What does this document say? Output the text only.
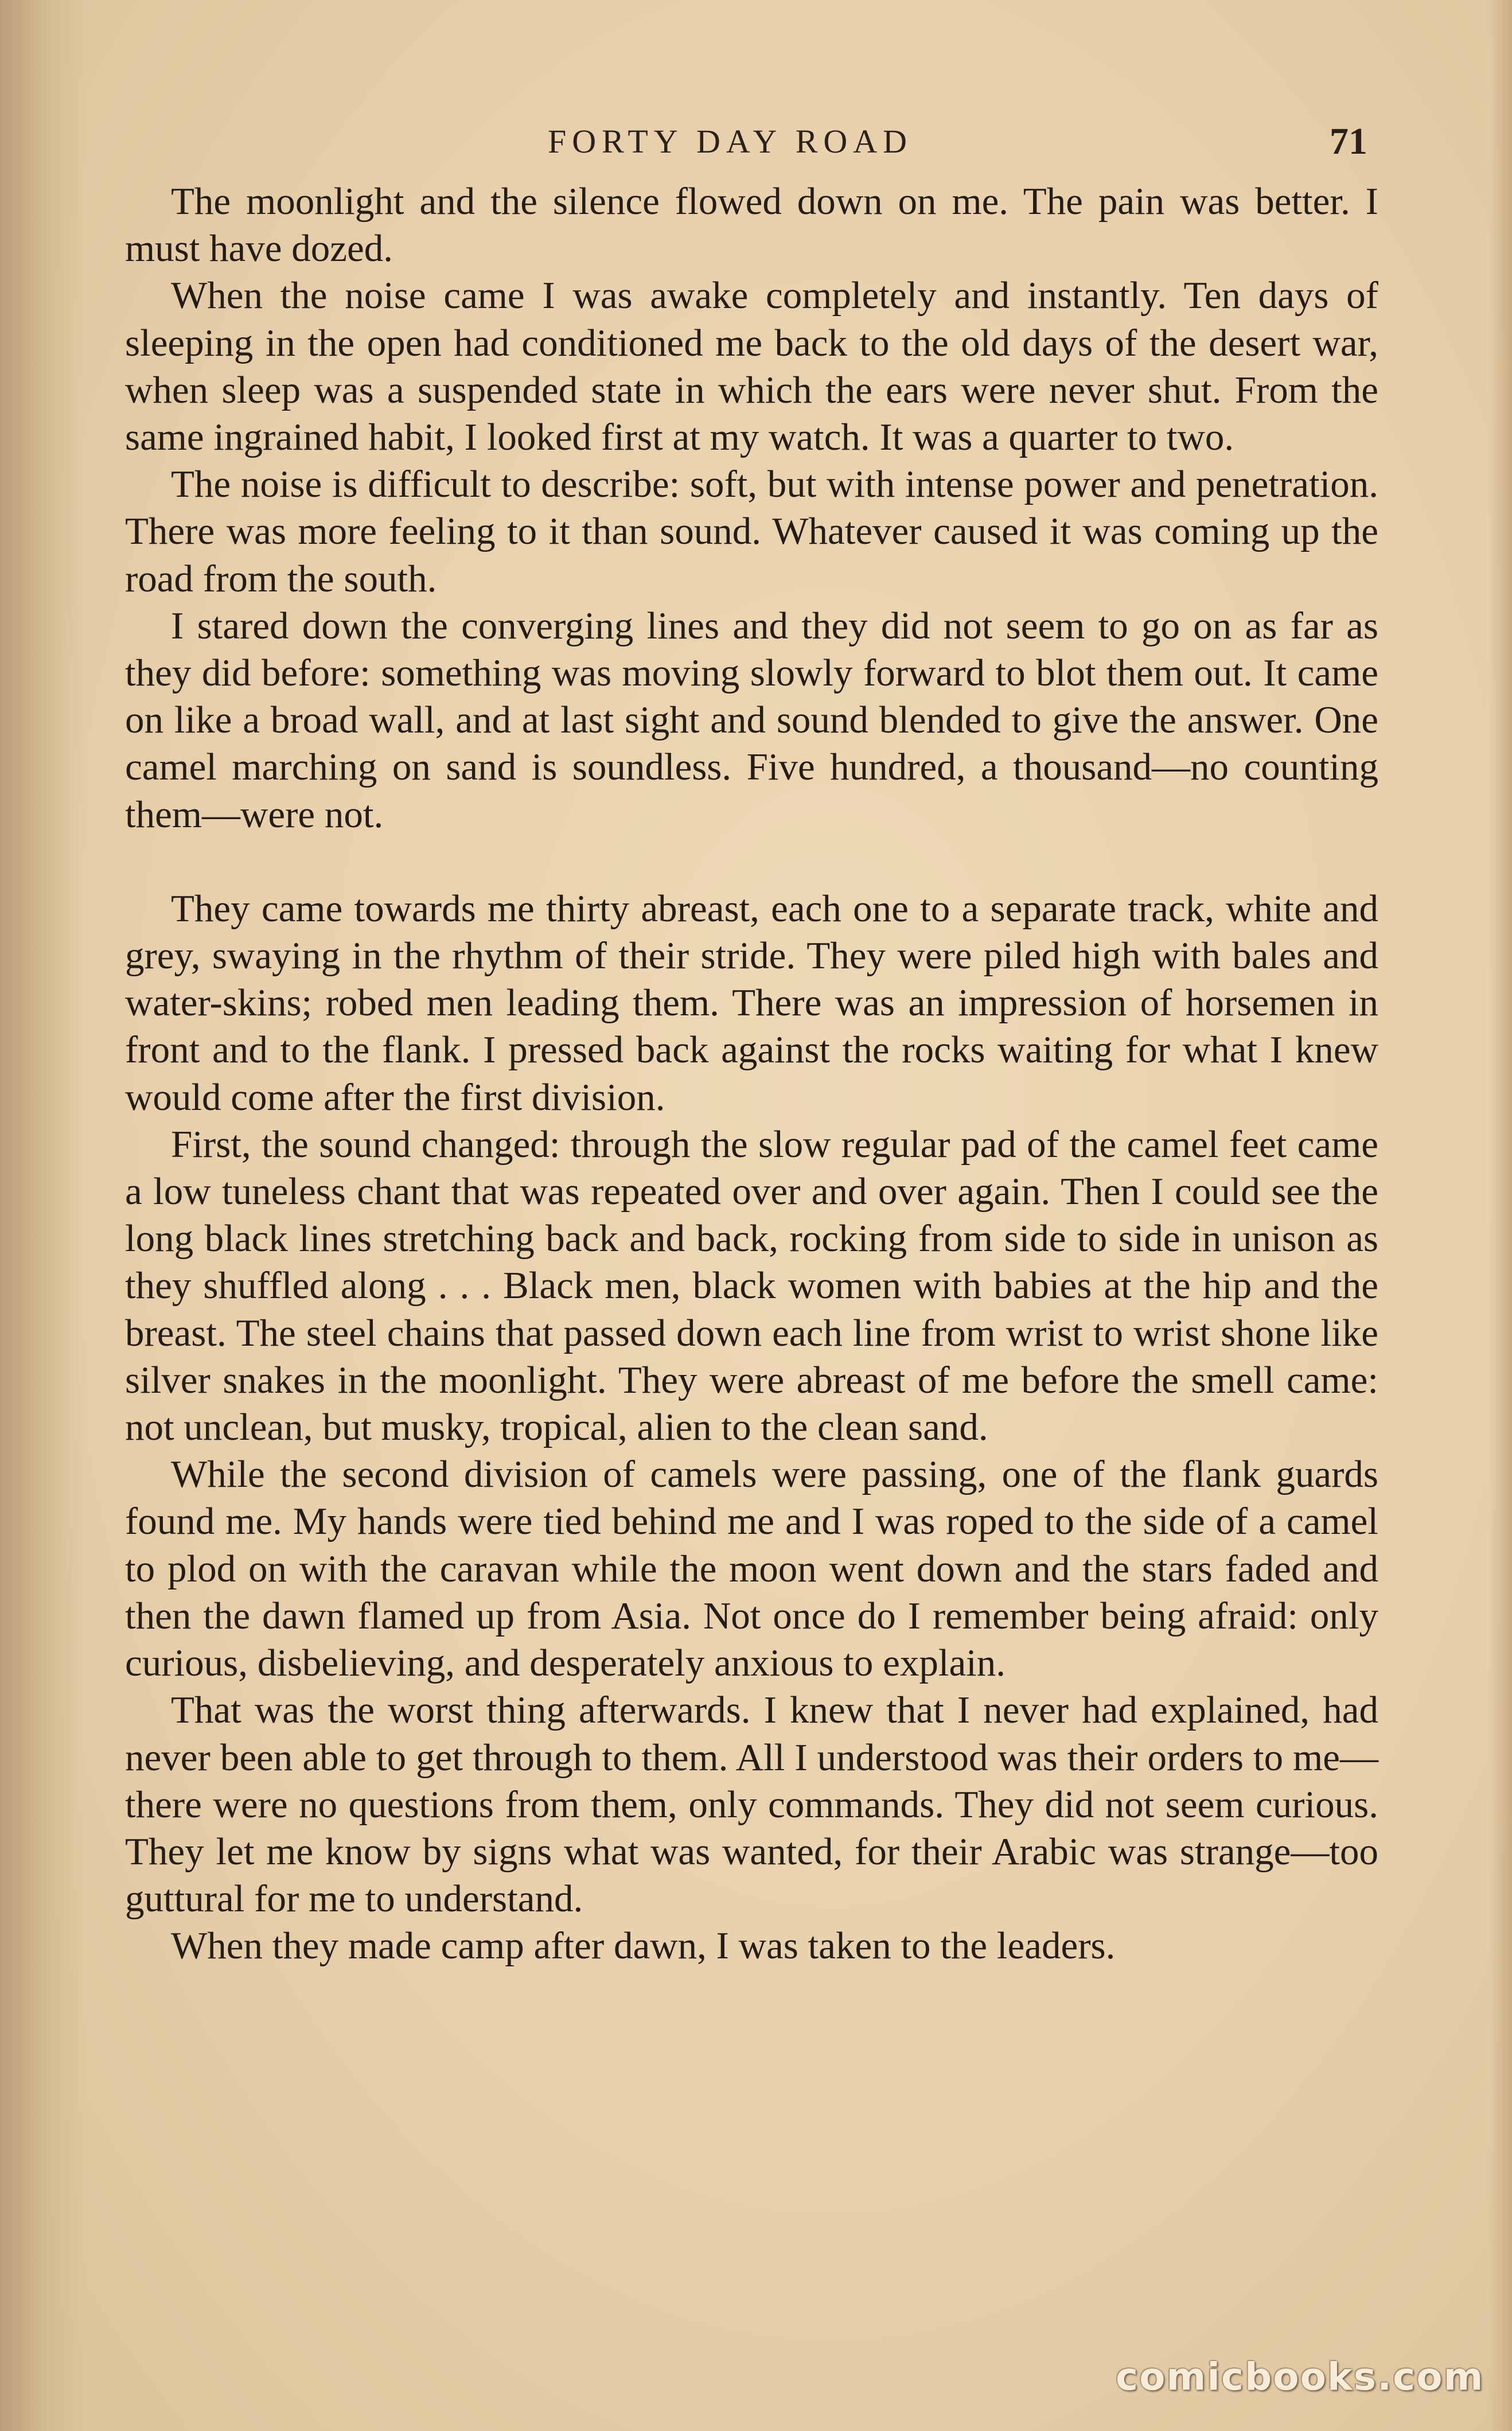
FORTY DAY ROAD	71

The moonlight and the silence flowed down on me. The pain was better. I must have dozed.

When the noise came I was awake completely and instantly. Ten days of sleeping in the open had conditioned me back to the old days of the desert war, when sleep was a suspended state in which the ears were never shut. From the same ingrained habit, I looked first at my watch. It was a quarter to two.

The noise is difficult to describe: soft, but with intense power and penetration. There was more feeling to it than sound. Whatever caused it was coming up the road from the south.

I stared down the converging lines and they did not seem to go on as far as they did before: something was moving slowly forward to blot them out. It came on like a broad wall, and at last sight and sound blended to give the answer. One camel marching on sand is soundless. Five hundred, a thousand—no counting them—were not.

They came towards me thirty abreast, each one to a separate track, white and grey, swaying in the rhythm of their stride. They were piled high with bales and water-skins; robed men leading them. There was an impression of horsemen in front and to the flank. I pressed back against the rocks waiting for what I knew would come after the first division.

First, the sound changed: through the slow regular pad of the camel feet came a low tuneless chant that was repeated over and over again. Then I could see the long black lines stretching back and back, rocking from side to side in unison as they shuffled along . . . Black men, black women with babies at the hip and the breast. The steel chains that passed down each line from wrist to wrist shone like silver snakes in the moonlight. They were abreast of me before the smell came: not unclean, but musky, tropical, alien to the clean sand.

While the second division of camels were passing, one of the flank guards found me. My hands were tied behind me and I was roped to the side of a camel to plod on with the caravan while the moon went down and the stars faded and then the dawn flamed up from Asia. Not once do I remember being afraid: only curious, disbelieving, and desperately anxious to explain.

That was the worst thing afterwards. I knew that I never had explained, had never been able to get through to them. All I understood was their orders to me—there were no questions from them, only commands. They did not seem curious. They let me know by signs what was wanted, for their Arabic was strange—too guttural for me to understand.

When they made camp after dawn, I was taken to the leaders.

comicbooks.com
